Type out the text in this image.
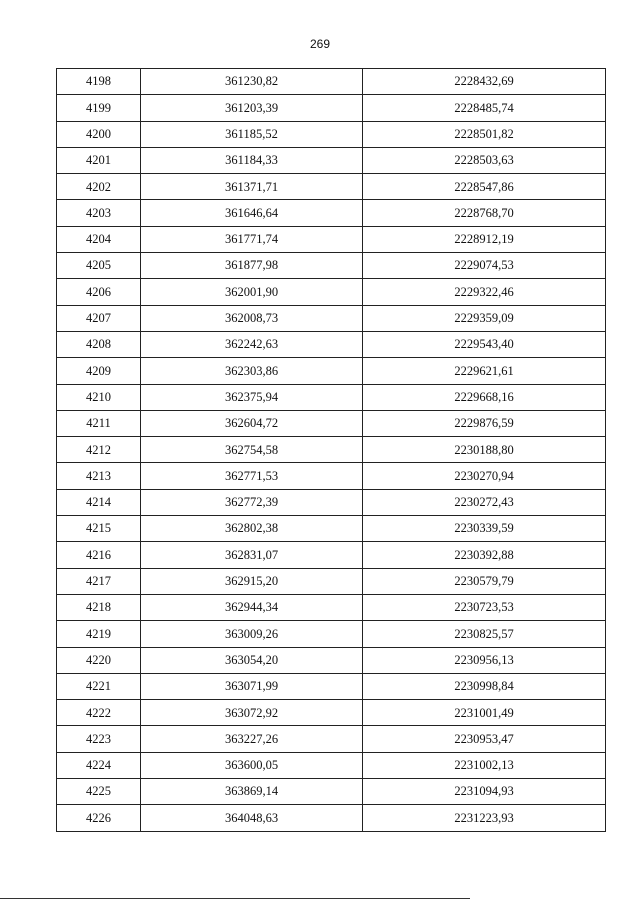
269
4198	361230,82	2228432,69
4199	361203,39	2228485,74
4200	361185,52	2228501,82
4201	361184,33	2228503,63
4202	361371,71	2228547,86
4203	361646,64	2228768,70
4204	361771,74	2228912,19
4205	361877,98	2229074,53
4206	362001,90	2229322,46
4207	362008,73	2229359,09
4208	362242,63	2229543,40
4209	362303,86	2229621,61
4210	362375,94	2229668,16
4211	362604,72	2229876,59
4212	362754,58	2230188,80
4213	362771,53	2230270,94
4214	362772,39	2230272,43
4215	362802,38	2230339,59
4216	362831,07	2230392,88
4217	362915,20	2230579,79
4218	362944,34	2230723,53
4219	363009,26	2230825,57
4220	363054,20	2230956,13
4221	363071,99	2230998,84
4222	363072,92	2231001,49
4223	363227,26	2230953,47
4224	363600,05	2231002,13
4225	363869,14	2231094,93
4226	364048,63	2231223,93
